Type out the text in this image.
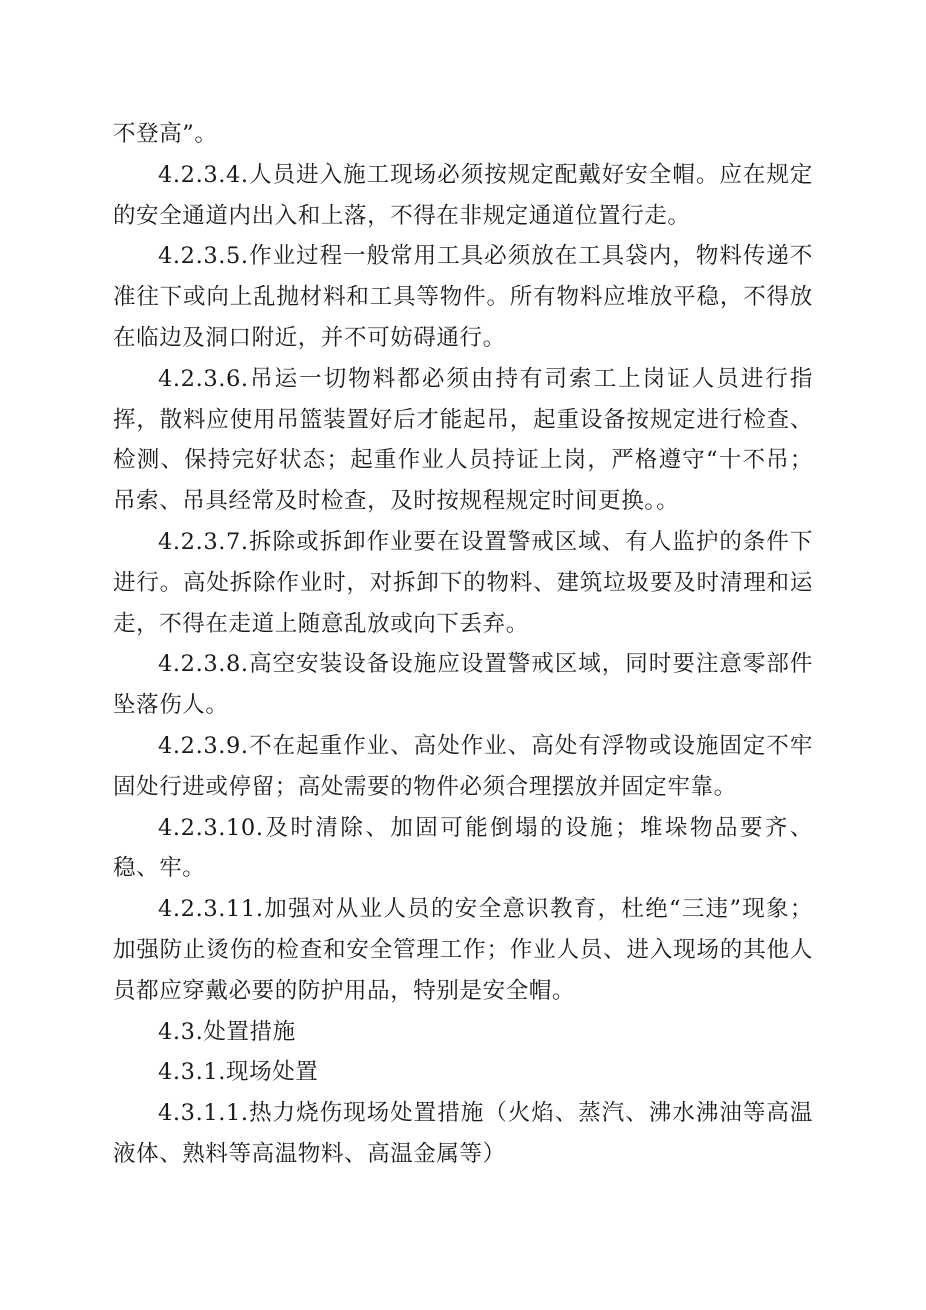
不登高”。

4.2.3.4.人员进入施工现场必须按规定配戴好安全帽。应在规定的安全通道内出入和上落，不得在非规定通道位置行走。

4.2.3.5.作业过程一般常用工具必须放在工具袋内，物料传递不准往下或向上乱抛材料和工具等物件。所有物料应堆放平稳，不得放在临边及洞口附近，并不可妨碍通行。

4.2.3.6.吊运一切物料都必须由持有司索工上岗证人员进行指挥，散料应使用吊篮装置好后才能起吊，起重设备按规定进行检查、检测、保持完好状态；起重作业人员持证上岗，严格遵守“十不吊；吊索、吊具经常及时检查，及时按规程规定时间更换。。

4.2.3.7.拆除或拆卸作业要在设置警戒区域、有人监护的条件下进行。高处拆除作业时，对拆卸下的物料、建筑垃圾要及时清理和运走，不得在走道上随意乱放或向下丢弃。

4.2.3.8.高空安装设备设施应设置警戒区域，同时要注意零部件坠落伤人。

4.2.3.9.不在起重作业、高处作业、高处有浮物或设施固定不牢固处行进或停留；高处需要的物件必须合理摆放并固定牢靠。

4.2.3.10.及时清除、加固可能倒塌的设施；堆垛物品要齐、稳、牢。

4.2.3.11.加强对从业人员的安全意识教育，杜绝“三违”现象；加强防止烫伤的检查和安全管理工作；作业人员、进入现场的其他人员都应穿戴必要的防护用品，特别是安全帽。

4.3.处置措施

4.3.1.现场处置

4.3.1.1.热力烧伤现场处置措施（火焰、蒸汽、沸水沸油等高温液体、熟料等高温物料、高温金属等）
